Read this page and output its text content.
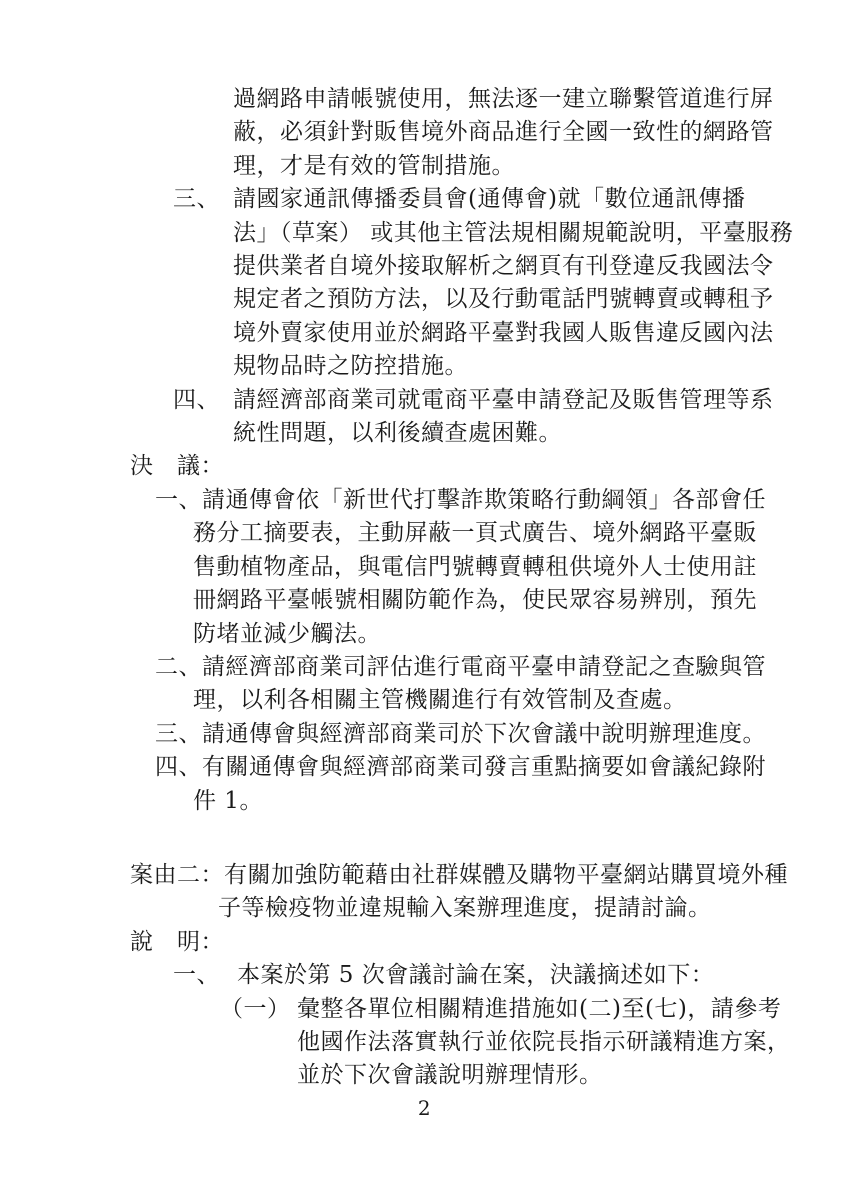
過網路申請帳號使用，無法逐一建立聯繫管道進行屏
蔽，必須針對販售境外商品進行全國一致性的網路管
理，才是有效的管制措施。
三、 請國家通訊傳播委員會(通傳會)就「數位通訊傳播
法」（草案） 或其他主管法規相關規範說明，平臺服務
提供業者自境外接取解析之網頁有刊登違反我國法令
規定者之預防方法，以及行動電話門號轉賣或轉租予
境外賣家使用並於網路平臺對我國人販售違反國內法
規物品時之防控措施。
四、 請經濟部商業司就電商平臺申請登記及販售管理等系
統性問題，以利後續查處困難。
決　議：
一、請通傳會依「新世代打擊詐欺策略行動綱領」各部會任
務分工摘要表，主動屏蔽一頁式廣告、境外網路平臺販
售動植物產品，與電信門號轉賣轉租供境外人士使用註
冊網路平臺帳號相關防範作為，使民眾容易辨別，預先
防堵並減少觸法。
二、請經濟部商業司評估進行電商平臺申請登記之查驗與管
理，以利各相關主管機關進行有效管制及查處。
三、請通傳會與經濟部商業司於下次會議中說明辦理進度。
四、有關通傳會與經濟部商業司發言重點摘要如會議紀錄附
件 1。
案由二：有關加強防範藉由社群媒體及購物平臺網站購買境外種
子等檢疫物並違規輸入案辦理進度，提請討論。
說　明：
一、 本案於第 5 次會議討論在案，決議摘述如下：
（一） 彙整各單位相關精進措施如(二)至(七)，請參考
他國作法落實執行並依院長指示研議精進方案，
並於下次會議說明辦理情形。
2
